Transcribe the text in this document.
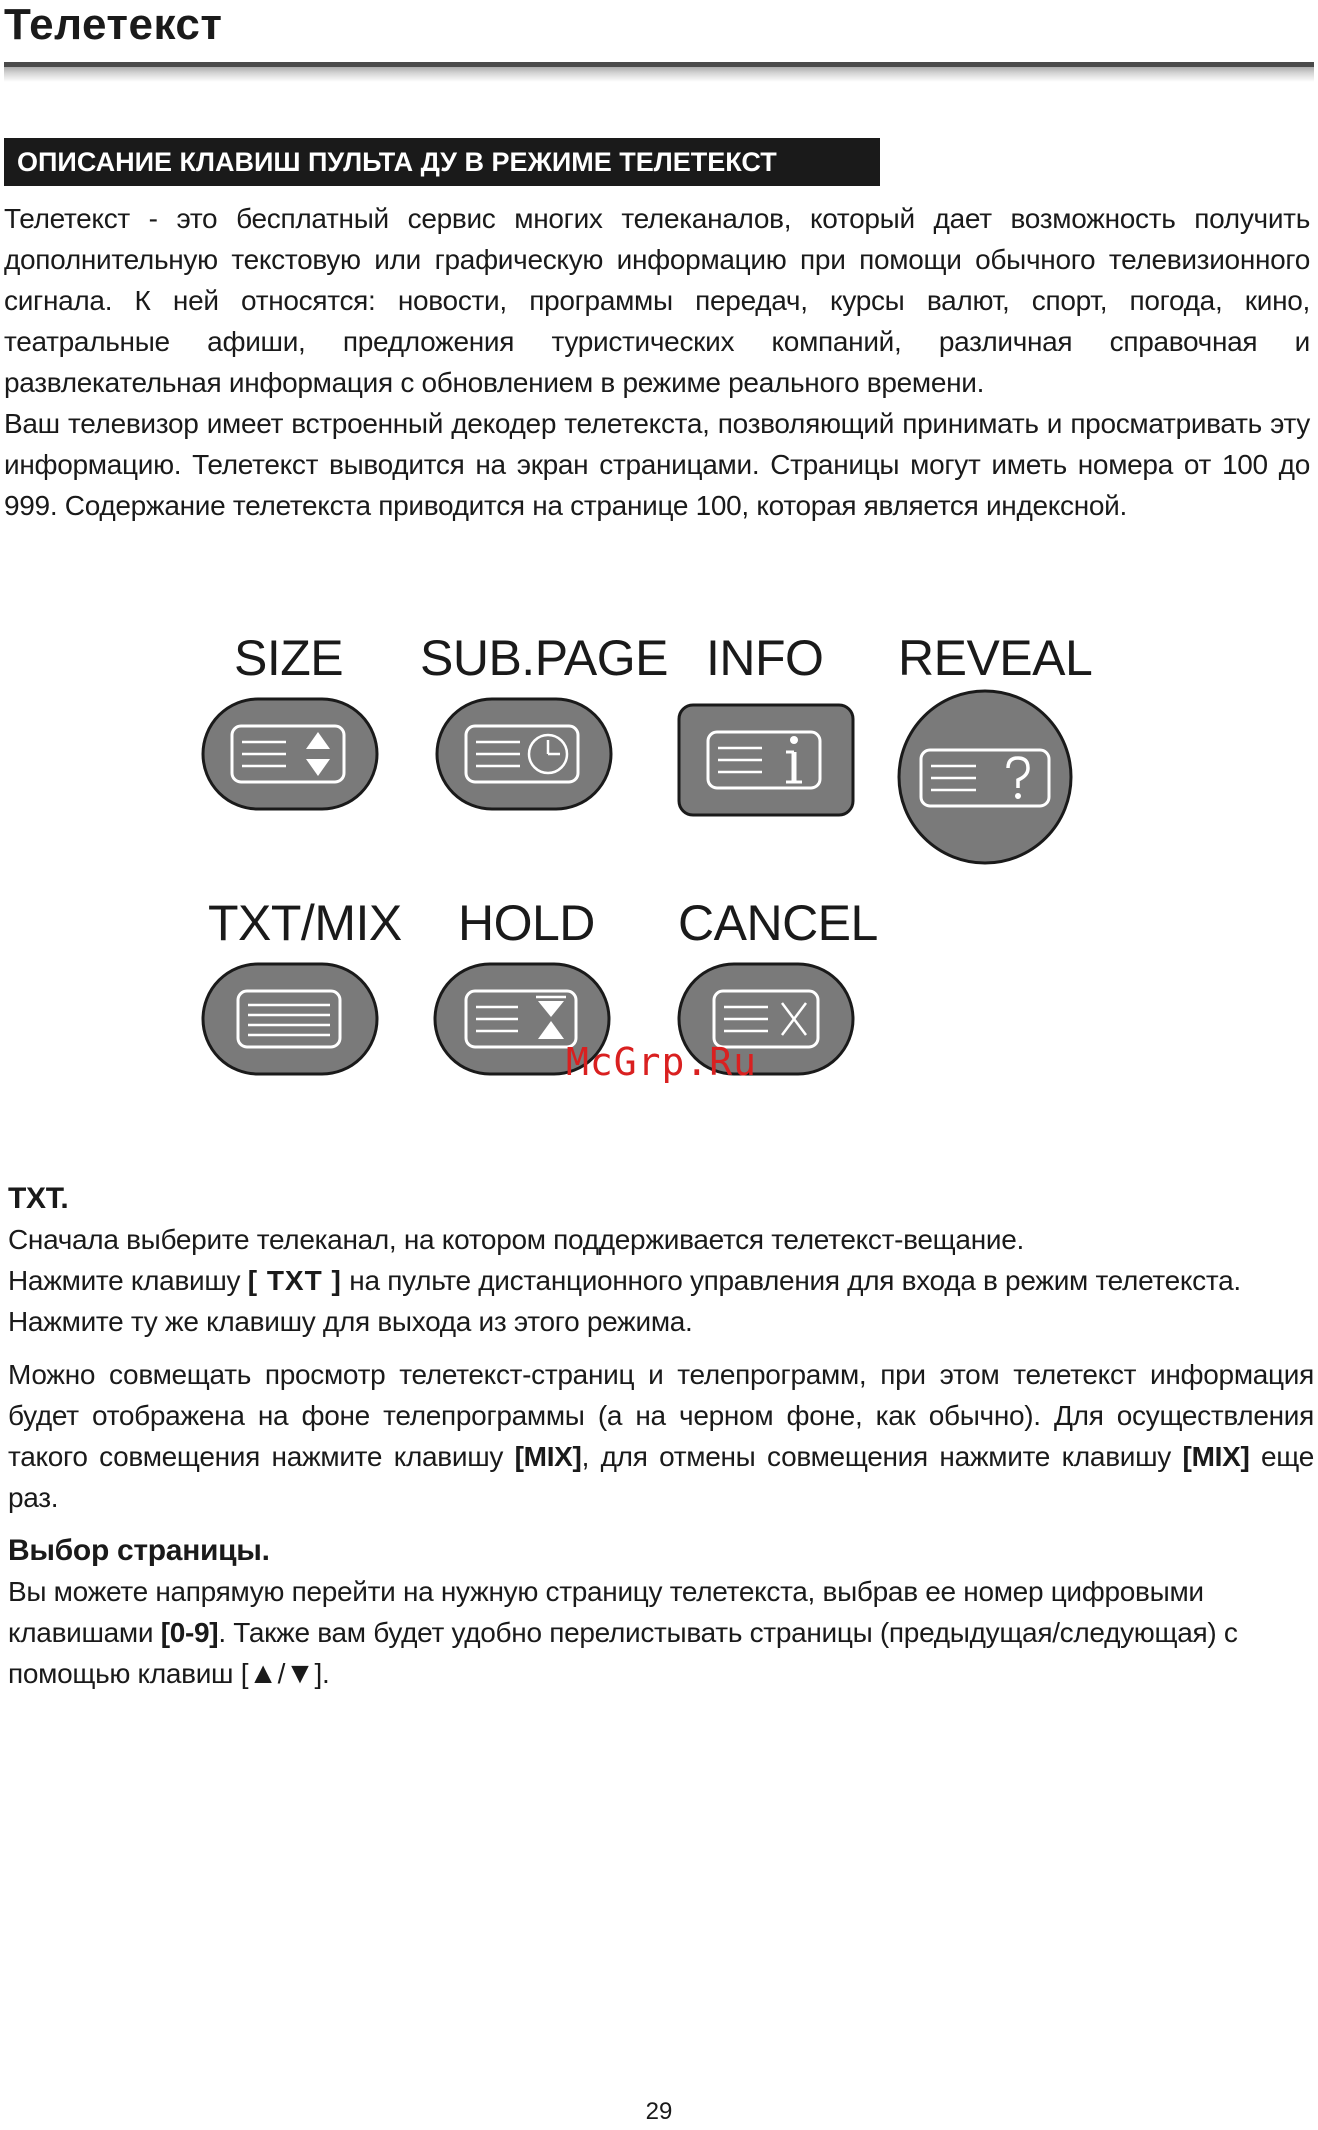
Телетекст
ОПИСАНИЕ КЛАВИШ ПУЛЬТА ДУ В РЕЖИМЕ ТЕЛЕТЕКСТ

Телетекст - это бесплатный сервис многих телеканалов, который дает возможность получить дополнительную текстовую или графическую информацию при помощи обычного телевизионного сигнала. К ней относятся: новости, программы передач, курсы валют, спорт, погода, кино, театральные афиши, предложения туристических компаний, различная справочная и развлекательная информация с обновлением в режиме реального времени.

Ваш телевизор имеет встроенный декодер телетекста, позволяющий принимать и просматривать эту информацию. Телетекст выводится на экран страницами. Страницы могут иметь номера от 100 до 999. Содержание телетекста приводится на странице 100, которая является индексной.

SIZE SUB.PAGE INFO REVEAL
TXT/MIX HOLD CANCEL
McGrp.Ru

TXT.

Сначала выберите телеканал, на котором поддерживается телетекст-вещание.

Нажмите клавишу [ TXT ] на пульте дистанционного управления для входа в режим телетекста.

Нажмите ту же клавишу для выхода из этого режима.

Можно совмещать просмотр телетекст-страниц и телепрограмм, при этом телетекст информация будет отображена на фоне телепрограммы (а на черном фоне, как обычно). Для осуществления такого совмещения нажмите клавишу [MIX], для отмены совмещения нажмите клавишу [MIX] еще раз.

Выбор страницы.

Вы можете напрямую перейти на нужную страницу телетекста, выбрав ее номер цифровыми клавишами [0-9]. Также вам будет удобно перелистывать страницы (предыдущая/следующая) с помощью клавиш [▲/▼].

29
